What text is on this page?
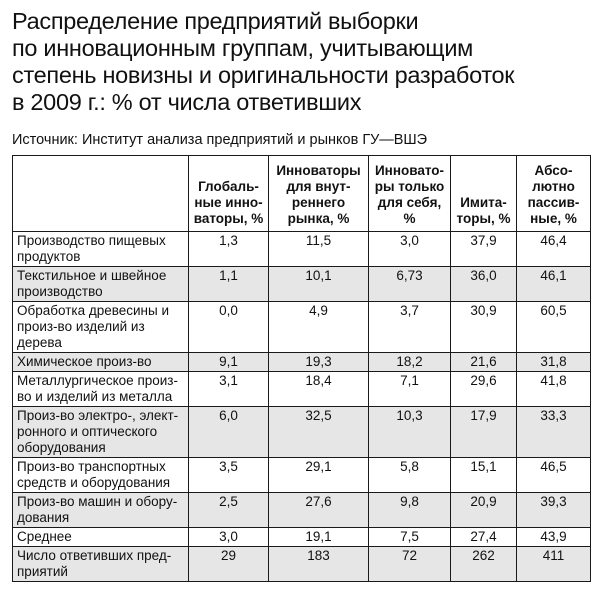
Распределение предприятий выборки
по инновационным группам, учитывающим
степень новизны и оригинальности разработок
в 2009 г.: % от числа ответивших
Источник: Институт анализа предприятий и рынков ГУ—ВШЭ
	Глобаль-ные инно-ваторы, %	Инноваторы для внут-реннего рынка, %	Инновато-ры только для себя, %	Имита-торы, %	Абсо-лютно пассив-ные, %
Производство пищевых продуктов	1,3	11,5	3,0	37,9	46,4
Текстильное и швейное производство	1,1	10,1	6,73	36,0	46,1
Обработка древесины и произ-во изделий из дерева	0,0	4,9	3,7	30,9	60,5
Химическое произ-во	9,1	19,3	18,2	21,6	31,8
Металлургическое произ-во и изделий из металла	3,1	18,4	7,1	29,6	41,8
Произ-во электро-, элект-ронного и оптического оборудования	6,0	32,5	10,3	17,9	33,3
Произ-во транспортных средств и оборудования	3,5	29,1	5,8	15,1	46,5
Произ-во машин и обору-дования	2,5	27,6	9,8	20,9	39,3
Среднее	3,0	19,1	7,5	27,4	43,9
Число ответивших пред-приятий	29	183	72	262	411
